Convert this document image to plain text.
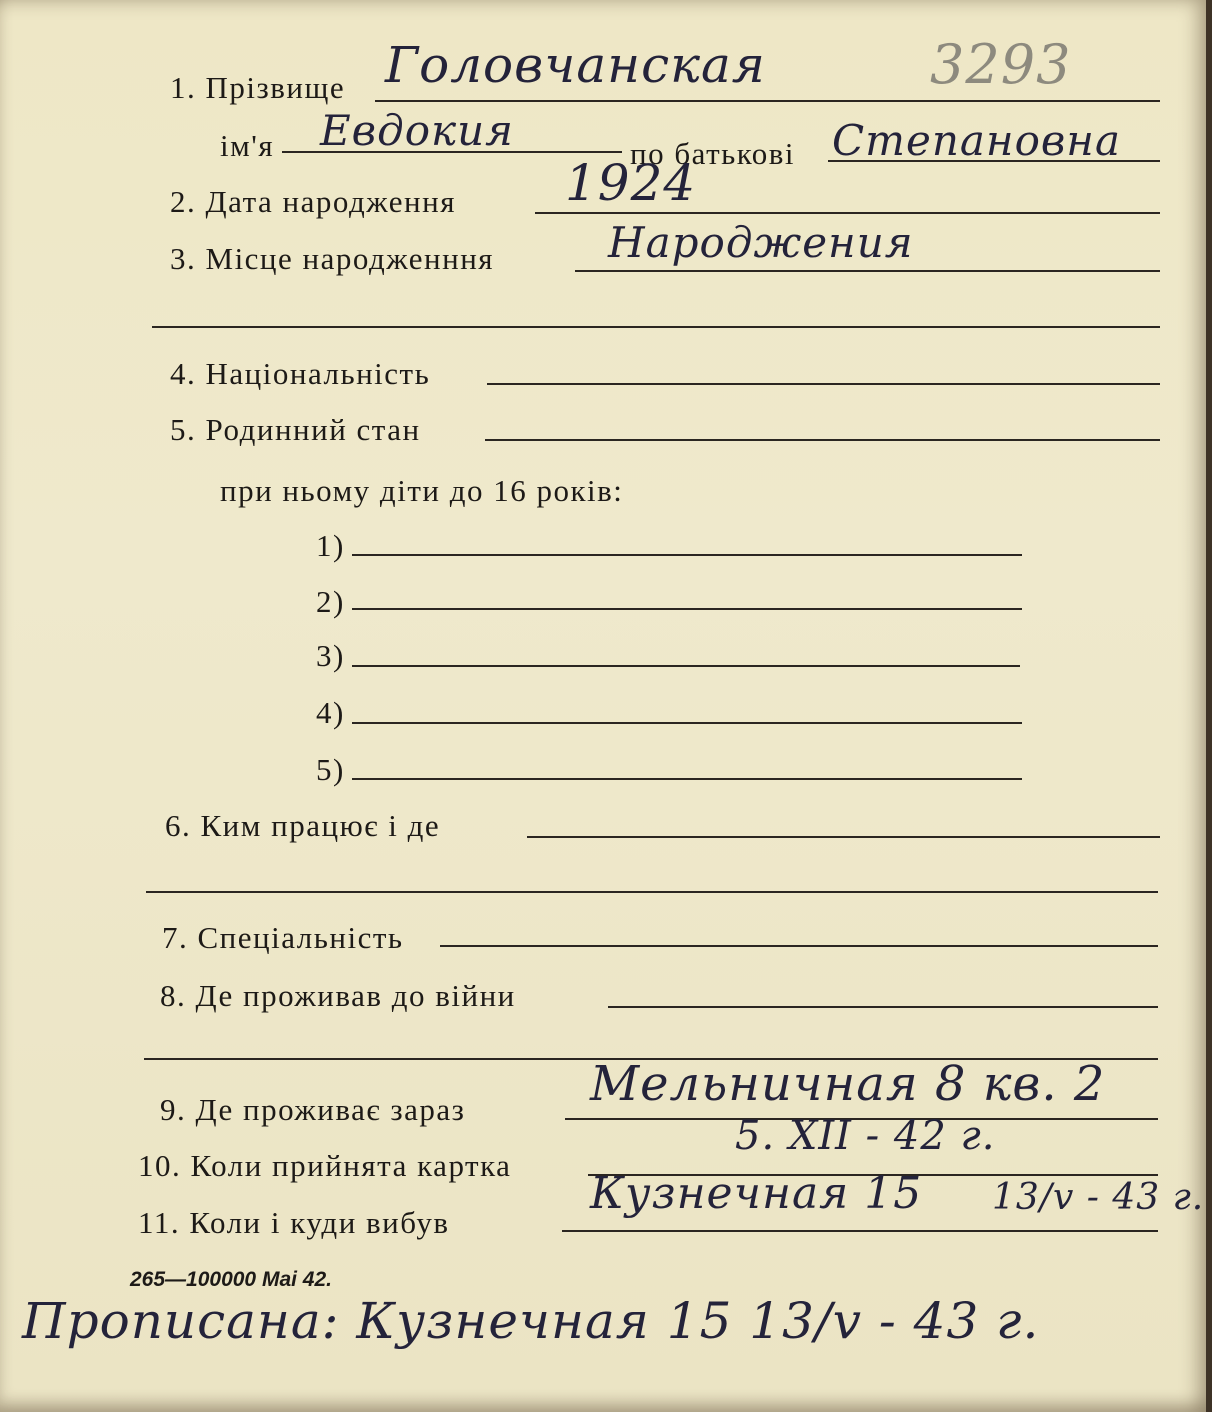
3293
1. Прізвище Головчанская
ім'я Евдокия	по батькові Степановна
2. Дата народження 1924
3. Місце народженння	Народжения
4. Національність
5. Родинний стан
при ньому діти до 16 років:
1)
2)
3)
4)
5)
6. Ким працює і де
7. Спеціальність
8. Де проживав до війни
9. Де проживає зараз	Мельничная 8 кв. 2
10. Коли прийнята картка
5. XII - 42 г.
11. Коли і куди вибув
Кузнечная 15 13/v - 43 г.
265—100000 Mai 42.
Прописана: Кузнечная 15 13/v - 43 г.
